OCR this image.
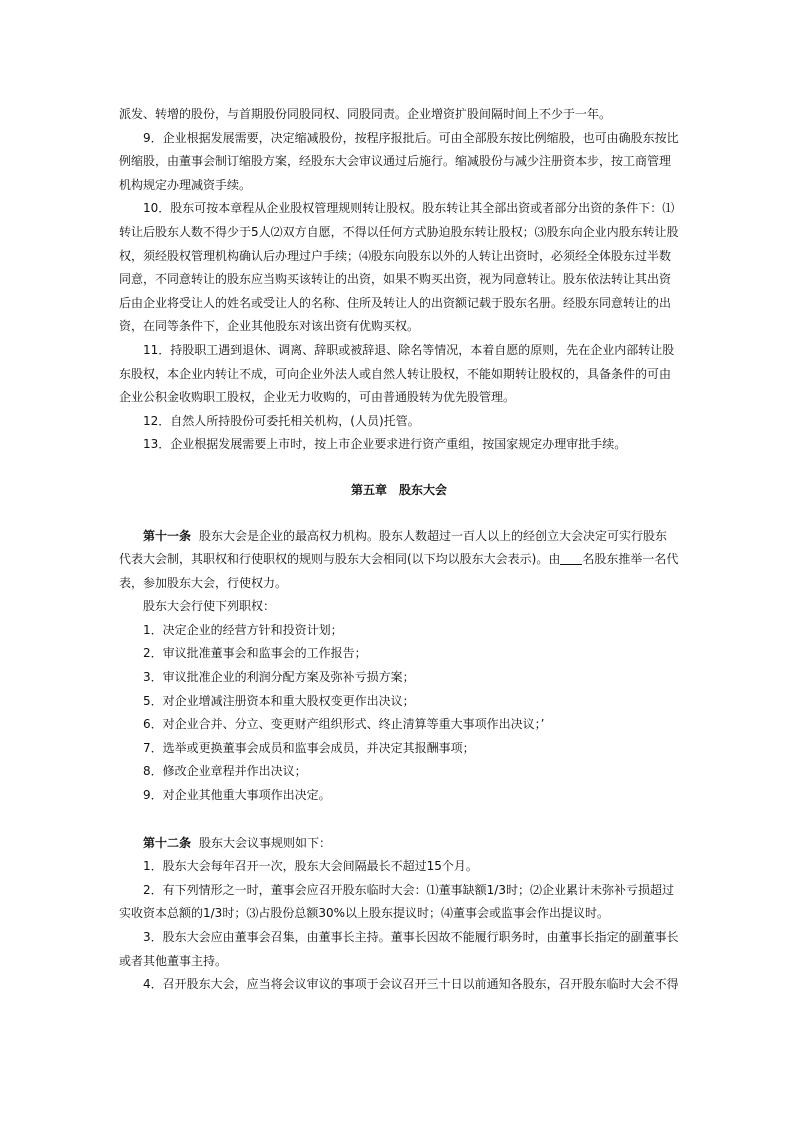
派发、转增的股份，与首期股份同股同权、同股同责。企业增资扩股间隔时间上不少于一年。

9．企业根据发展需要，决定缩减股份，按程序报批后。可由全部股东按比例缩股，也可由确股东按比例缩股，由董事会制订缩股方案，经股东大会审议通过后施行。缩减股份与减少注册资本步，按工商管理机构规定办理减资手续。

10．股东可按本章程从企业股权管理规则转让股权。股东转让其全部出资或者部分出资的条件下：⑴转让后股东人数不得少于5人⑵双方自愿，不得以任何方式胁迫股东转让股权；⑶股东向企业内股东转让股权，须经股权管理机构确认后办理过户手续；⑷股东向股东以外的人转让出资时，必须经全体股东过半数同意，不同意转让的股东应当购买该转让的出资，如果不购买出资，视为同意转让。股东依法转让其出资后由企业将受让人的姓名或受让人的名称、住所及转让人的出资额记载于股东名册。经股东同意转让的出资，在同等条件下，企业其他股东对该出资有优购买权。

11．持股职工遇到退休、调离、辞职或被辞退、除名等情况，本着自愿的原则，先在企业内部转让股东股权，本企业内转让不成，可向企业外法人或自然人转让股权，不能如期转让股权的，具备条件的可由企业公积金收购职工股权，企业无力收购的，可由普通股转为优先股管理。

12．自然人所持股份可委托相关机构，(人员)托管。

13．企业根据发展需要上市时，按上市企业要求进行资产重组，按国家规定办理审批手续。

第五章　股东大会

第十一条 股东大会是企业的最高权力机构。股东人数超过一百人以上的经创立大会决定可实行股东代表大会制，其职权和行使职权的规则与股东大会相同(以下均以股东大会表示)。由 名股东推举一名代表，参加股东大会，行使权力。

股东大会行使下列职权：

1．决定企业的经营方针和投资计划；

2．审议批准董事会和监事会的工作报告；

3．审议批准企业的利润分配方案及弥补亏损方案；

5．对企业增减注册资本和重大股权变更作出决议；

6．对企业合并、分立、变更财产组织形式、终止清算等重大事项作出决议；’

7．选举或更换董事会成员和监事会成员，并决定其报酬事项；

8．修改企业章程并作出决议；

9．对企业其他重大事项作出决定。

第十二条 股东大会议事规则如下：

1．股东大会每年召开一次，股东大会间隔最长不超过15个月。

2．有下列情形之一时，董事会应召开股东临时大会：⑴董事缺额1/3时；⑵企业累计未弥补亏损超过实收资本总额的1/3时；⑶占股份总额30%以上股东提议时；⑷董事会或监事会作出提议时。

3．股东大会应由董事会召集，由董事长主持。董事长因故不能履行职务时，由董事长指定的副董事长或者其他董事主持。

4．召开股东大会，应当将会议审议的事项于会议召开三十日以前通知各股东，召开股东临时大会不得
